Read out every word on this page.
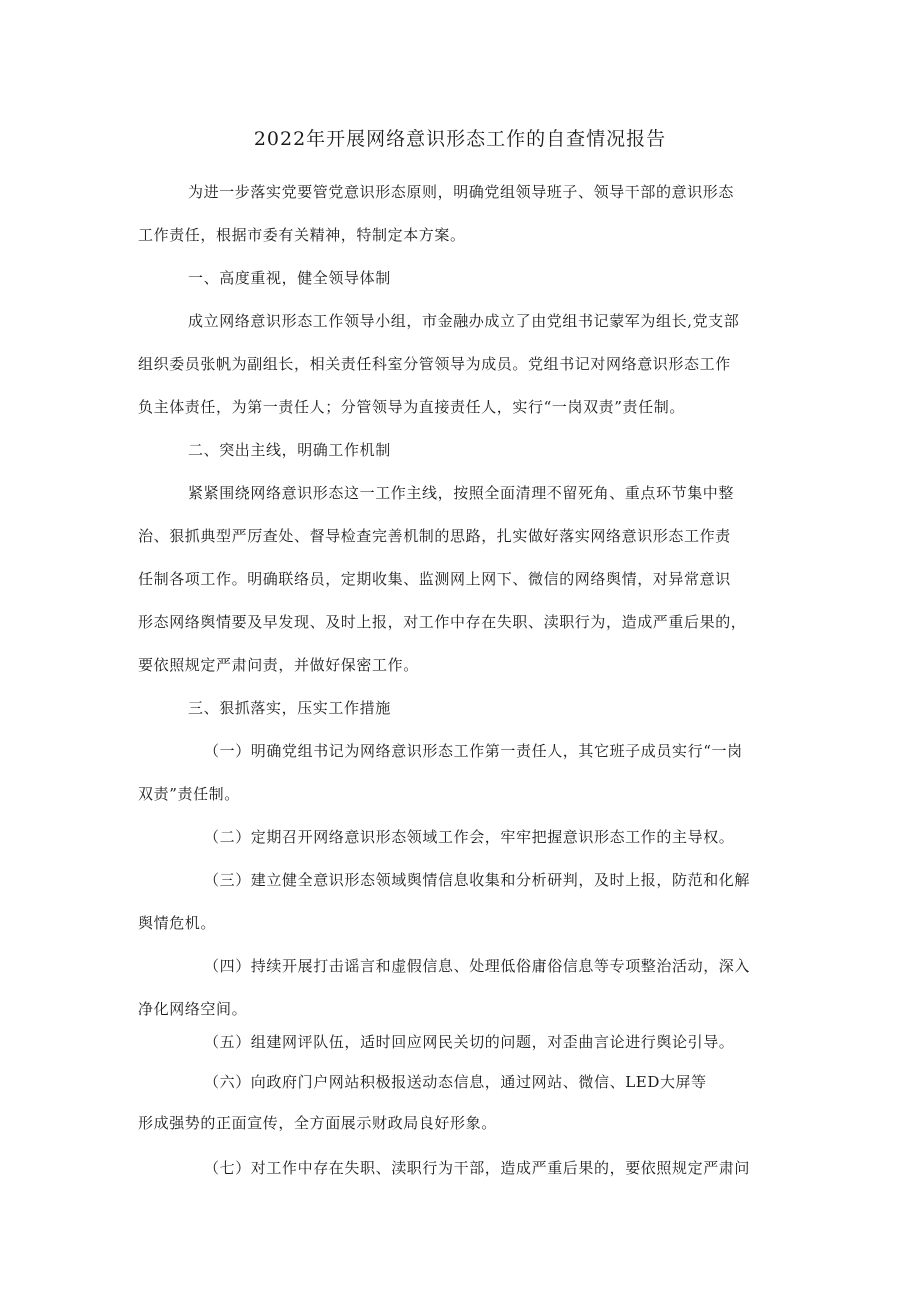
2022年开展网络意识形态工作的自查情况报告
为进一步落实党要管党意识形态原则，明确党组领导班子、领导干部的意识形态
工作责任，根据市委有关精神，特制定本方案。
一、高度重视，健全领导体制
成立网络意识形态工作领导小组，市金融办成立了由党组书记蒙军为组长,党支部
组织委员张帆为副组长，相关责任科室分管领导为成员。党组书记对网络意识形态工作
负主体责任，为第一责任人；分管领导为直接责任人，实行“一岗双责”责任制。
二、突出主线，明确工作机制
紧紧围绕网络意识形态这一工作主线，按照全面清理不留死角、重点环节集中整
治、狠抓典型严厉查处、督导检查完善机制的思路，扎实做好落实网络意识形态工作责
任制各项工作。明确联络员，定期收集、监测网上网下、微信的网络舆情，对异常意识
形态网络舆情要及早发现、及时上报，对工作中存在失职、渎职行为，造成严重后果的，
要依照规定严肃问责，并做好保密工作。
三、狠抓落实，压实工作措施
（一）明确党组书记为网络意识形态工作第一责任人，其它班子成员实行“一岗
双责”责任制。
（二）定期召开网络意识形态领域工作会，牢牢把握意识形态工作的主导权。
（三）建立健全意识形态领域舆情信息收集和分析研判，及时上报，防范和化解
舆情危机。
（四）持续开展打击谣言和虚假信息、处理低俗庸俗信息等专项整治活动，深入
净化网络空间。
（五）组建网评队伍，适时回应网民关切的问题，对歪曲言论进行舆论引导。
（六）向政府门户网站积极报送动态信息，通过网站、微信、LED大屏等
形成强势的正面宣传，全方面展示财政局良好形象。
（七）对工作中存在失职、渎职行为干部，造成严重后果的，要依照规定严肃问
